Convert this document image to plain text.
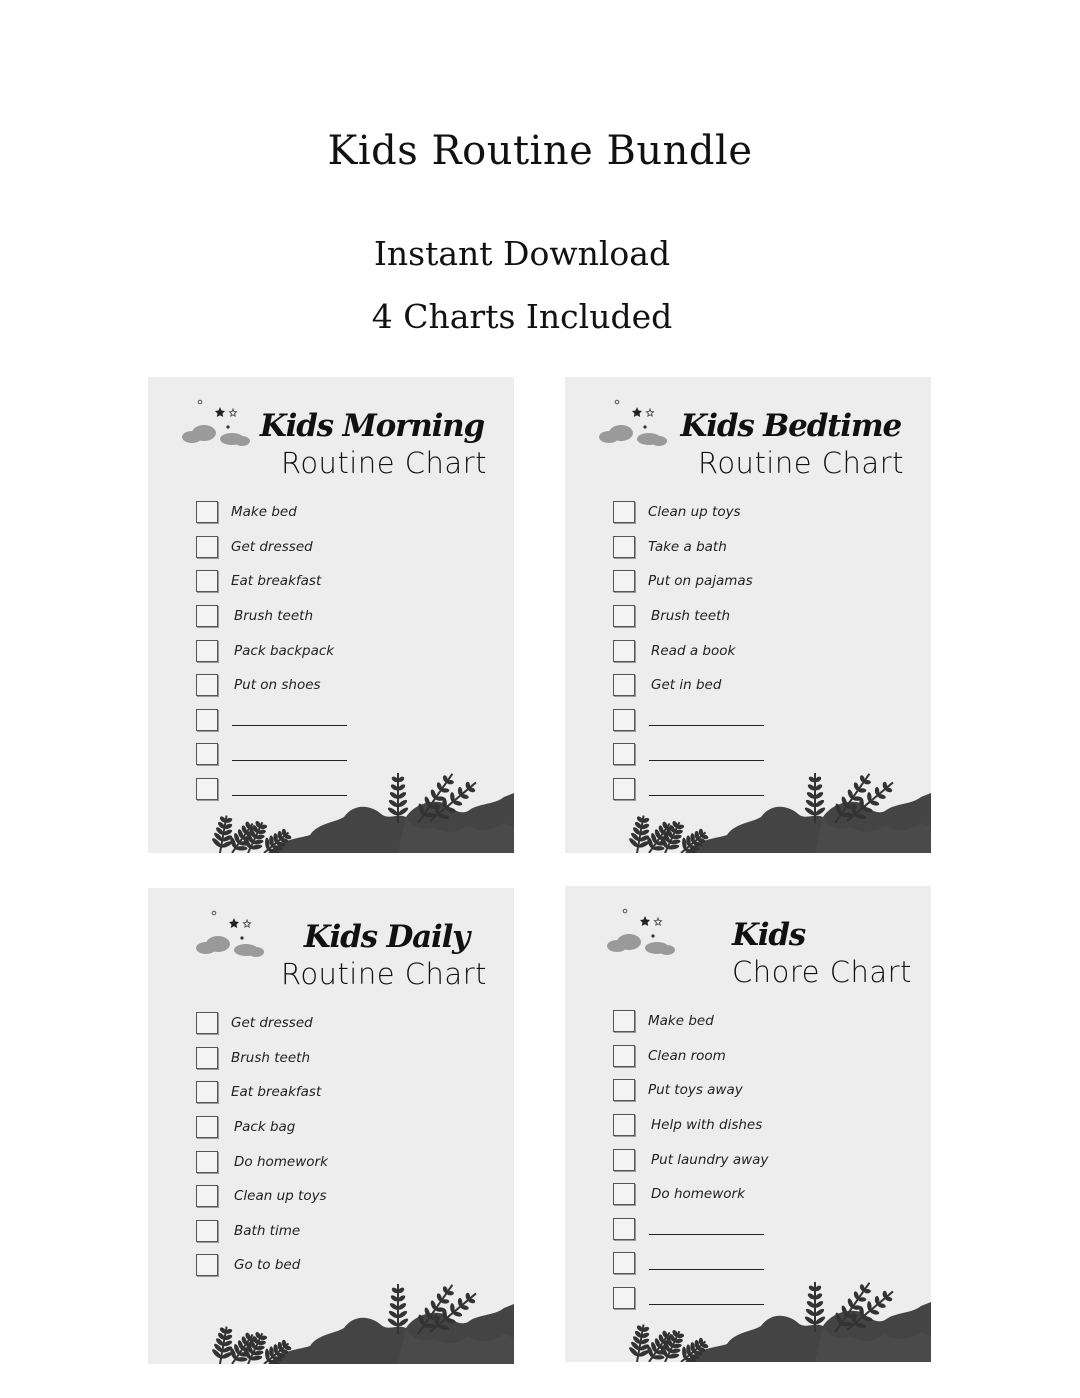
Kids Routine Bundle
Instant Download
4 Charts Included
Kids Morning
Routine Chart
Make bed
Get dressed
Eat breakfast
Brush teeth
Pack backpack
Put on shoes
Kids Bedtime
Routine Chart
Clean up toys
Take a bath
Put on pajamas
Brush teeth
Read a book
Get in bed
Kids Daily
Routine Chart
Get dressed
Brush teeth
Eat breakfast
Pack bag
Do homework
Clean up toys
Bath time
Go to bed
Kids
Chore Chart
Make bed
Clean room
Put toys away
Help with dishes
Put laundry away
Do homework
